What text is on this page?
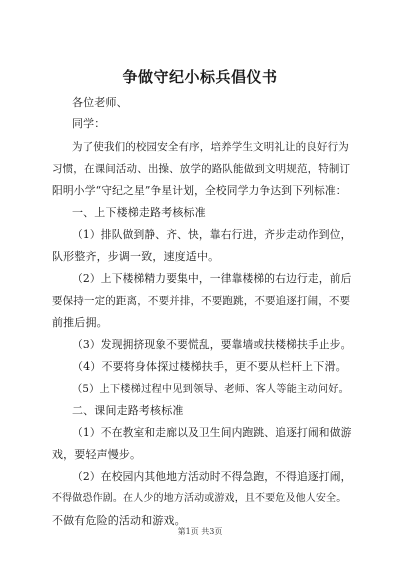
争做守纪小标兵倡仪书
各位老师、
同学：
为了使我们的校园安全有序，培养学生文明礼让的良好行为
习惯，在课间活动、出操、放学的路队能做到文明规范，特制订
阳明小学“守纪之星”争星计划，全校同学力争达到下列标准：
一、上下楼梯走路考核标准
（1）排队做到静、齐、快，靠右行进，齐步走动作到位，
队形整齐，步调一致，速度适中。
（2）上下楼梯精力要集中，一律靠楼梯的右边行走，前后
要保持一定的距离，不要并排，不要跑跳，不要追逐打闹，不要
前推后拥。
（3）发现拥挤现象不要慌乱，要靠墙或扶楼梯扶手止步。
（4）不要将身体探过楼梯扶手，更不要从栏杆上下滑。
（5）上下楼梯过程中见到领导、老师、客人等能主动问好。
二、课间走路考核标准
（1）不在教室和走廊以及卫生间内跑跳、追逐打闹和做游
戏，要轻声慢步。
（2）在校园内其他地方活动时不得急跑，不得追逐打闹，
不得做恐作剧。在人少的地方活动或游戏，且不要危及他人安全。
不做有危险的活动和游戏。
第1页 共3页
